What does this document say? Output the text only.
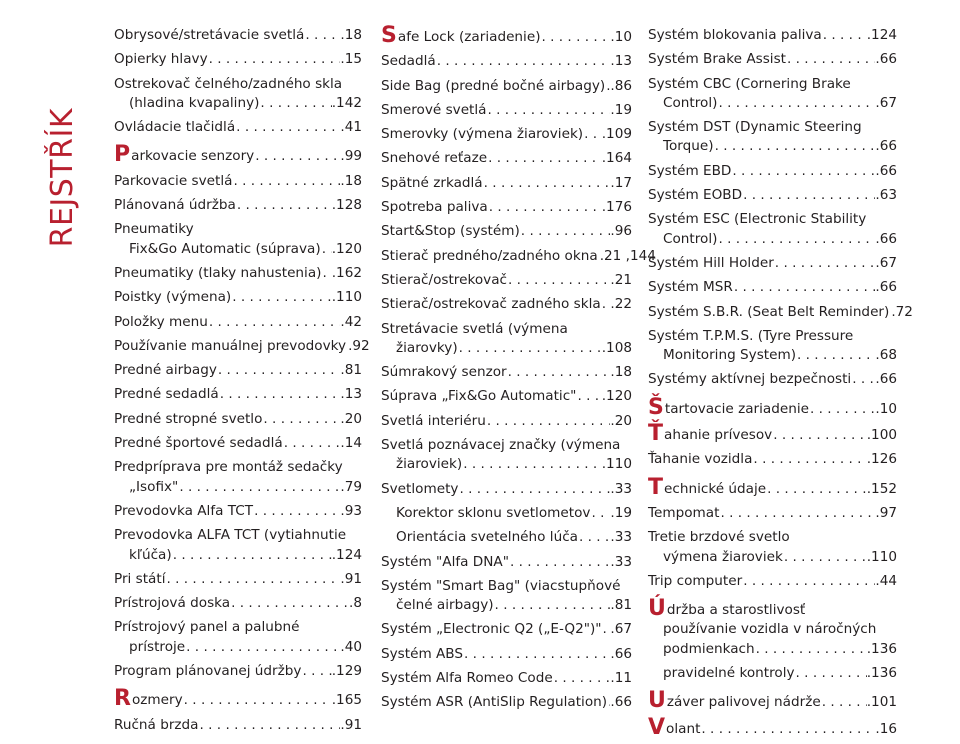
REJSTŘÍK
Obrysové/stretávacie svetlá . . .	.18
Opierky hlavy . . .	.15
Ostrekovač čelného/zadného skla
(hladina kvapaliny) . . .	.142
Ovládacie tlačidlá . . .	.41
Parkovacie senzory . . .	.99
Parkovacie svetlá . . .	.18
Plánovaná údržba . . .	.128
Pneumatiky
Fix&Go Automatic (súprava) . . . .120
Pneumatiky (tlaky nahustenia) . . . .162
Poistky (výmena) . . .	.110
Položky menu . . .	.42
Používanie manuálnej prevodovky . . . .92
Predné airbagy . . .	.81
Predné sedadlá . . .	.13
Predné stropné svetlo . . .	.20
Predné športové sedadlá . . .	.14
Predpríprava pre montáž sedačky
„Isofix" . . .	.79
Prevodovka Alfa TCT . . .	.93
Prevodovka ALFA TCT (vytiahnutie
kľúča) . . .	.124
Pri státí . . .	.91
Prístrojová doska . . .	.8
Prístrojový panel a palubné
prístroje . . .	.40
Program plánovanej údržby . . . .129
Rozmery . . .	.165
Ručná brzda . . .	.91
Safe Lock (zariadenie) . . .	.10
Sedadlá . . .	.13
Side Bag (predné bočné airbagy) . . . .86
Smerové svetlá . . .	.19
Smerovky (výmena žiaroviek) . . . .109
Snehové reťaze . . .	.164
Spätné zrkadlá . . .	.17
Spotreba paliva . . .	.176
Start&Stop (systém) . . .	.96
Stierač predného/zadného okna . . . .21 ,144
Stierač/ostrekovač . . .	.21
Stierač/ostrekovač zadného skla . . . .22
Stretávacie svetlá (výmena
žiarovky) . . .	.108
Súmrakový senzor . . .	.18
Súprava „Fix&Go Automatic" . . . .120
Svetlá interiéru . . .	.20
Svetlá poznávacej značky (výmena
žiaroviek) . . .	.110
Svetlomety . . .	.33
Korektor sklonu svetlometov . . . .19
Orientácia svetelného lúča . . . .33
Systém "Alfa DNA" . . .	.33
Systém "Smart Bag" (viacstupňové
čelné airbagy) . . .	.81
Systém „Electronic Q2 („E-Q2")" . . . .67
Systém ABS . . .	.66
Systém Alfa Romeo Code . . .	.11
Systém ASR (AntiSlip Regulation) . . . .66
Systém blokovania paliva . . .	.124
Systém Brake Assist . . .	.66
Systém CBC (Cornering Brake
Control) . . .	.67
Systém DST (Dynamic Steering
Torque) . . .	.66
Systém EBD . . .	.66
Systém EOBD . . .	.63
Systém ESC (Electronic Stability
Control) . . .	.66
Systém Hill Holder . . .	.67
Systém MSR . . .	.66
Systém S.B.R. (Seat Belt Reminder) . . . .72
Systém T.P.M.S. (Tyre Pressure
Monitoring System) . . .	.68
Systémy aktívnej bezpečnosti . . . .66
Štartovacie zariadenie . . .	.10
Ťahanie prívesov . . .	.100
Ťahanie vozidla . . .	.126
Technické údaje . . .	.152
Tempomat . . .	.97
Tretie brzdové svetlo
výmena žiaroviek . . .	.110
Trip computer . . .	.44
Údržba a starostlivosť
používanie vozidla v náročných
podmienkach . . .	.136
pravidelné kontroly . . .	.136
Uzáver palivovej nádrže . . .	.101
Volant . . .	.16
